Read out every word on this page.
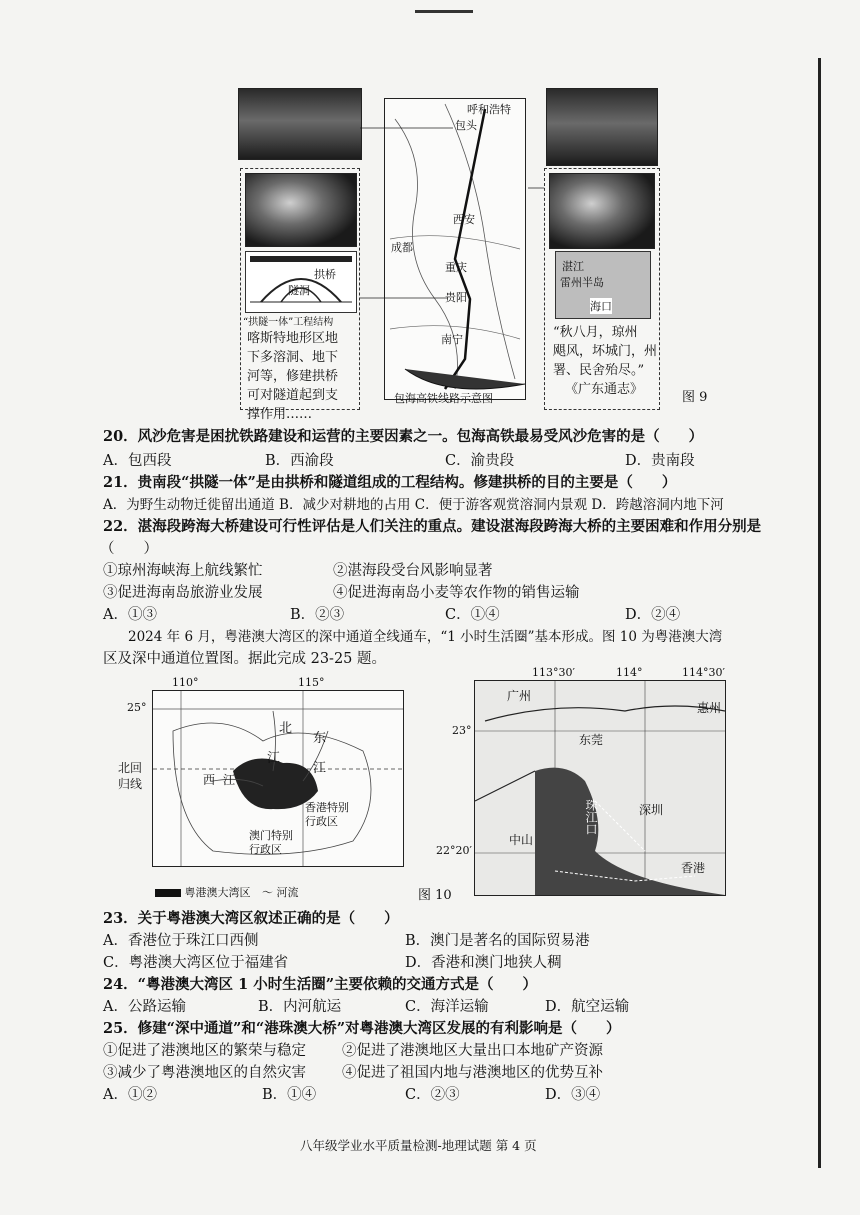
拱桥
隧洞
“拱隧一体”工程结构
喀斯特地形区地
下多溶洞、地下
河等，修建拱桥
可对隧道起到支
撑作用……
呼和浩特
包头
西安
成都
重庆
贵阳
南宁
包海高铁线路示意图
湛江
雷州半岛
海口
“秋八月，琼州
飓风，坏城门，州
署、民舍殆尽。”
《广东通志》
图 9
20．风沙危害是困扰铁路建设和运营的主要因素之一。包海高铁最易受风沙危害的是（　　）
A．包西段	B．西渝段	C．渝贵段	D．贵南段
21．贵南段“拱隧一体”是由拱桥和隧道组成的工程结构。修建拱桥的目的主要是（　　）
A．为野生动物迁徙留出通道 B．减少对耕地的占用 C．便于游客观赏溶洞内景观 D．跨越溶洞内地下河
22．湛海段跨海大桥建设可行性评估是人们关注的重点。建设湛海段跨海大桥的主要困难和作用分别是
（　　）
①琼州海峡海上航线繁忙	②湛海段受台风影响显著
③促进海南岛旅游业发展	④促进海南岛小麦等农作物的销售运输
A．①③	B．②③	C．①④	D．②④
2024 年 6 月，粤港澳大湾区的深中通道全线通车，“1 小时生活圈”基本形成。图 10 为粤港澳大湾
区及深中通道位置图。据此完成 23-25 题。
110°	115°
25°
北
江
东
江
西 江
香港特别
行政区
澳门特别
行政区
北回
归线
粤港澳大湾区 〜 河流
113°30′	114°	114°30′
广州
惠州
东莞
深圳
中山
珠江口
香港
23°
22°20′
图 10
23．关于粤港澳大湾区叙述正确的是（　　）
A．香港位于珠江口西侧	B．澳门是著名的国际贸易港
C．粤港澳大湾区位于福建省	D．香港和澳门地狭人稠
24．“粤港澳大湾区 1 小时生活圈”主要依赖的交通方式是（　　）
A．公路运输	B．内河航运	C．海洋运输	D．航空运输
25．修建“深中通道”和“港珠澳大桥”对粤港澳大湾区发展的有利影响是（　　）
①促进了港澳地区的繁荣与稳定 ②促进了港澳地区大量出口本地矿产资源
③减少了粤港澳地区的自然灾害 ④促进了祖国内地与港澳地区的优势互补
A．①②	B．①④	C．②③	D．③④
八年级学业水平质量检测-地理试题 第 4 页
